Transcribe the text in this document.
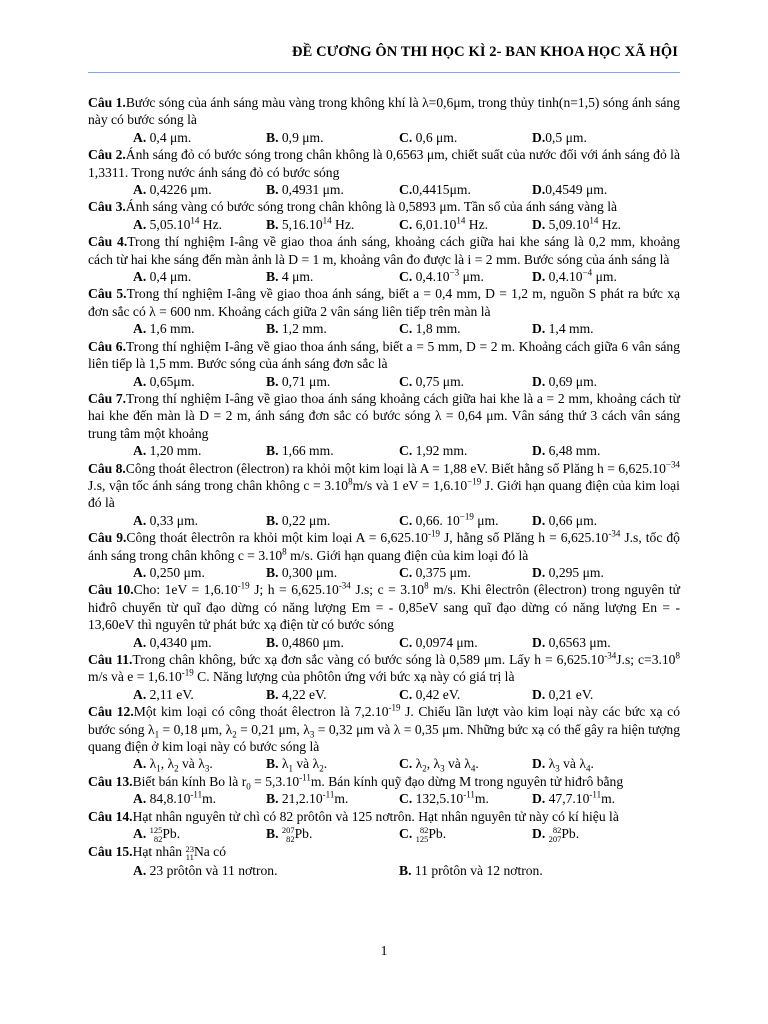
ĐỀ CƯƠNG ÔN THI HỌC KÌ 2- BAN KHOA HỌC XÃ HỘI
Câu 1.Bước sóng của ánh sáng màu vàng trong không khí là λ=0,6μm, trong thủy tinh(n=1,5) sóng ánh sáng này có bước sóng là
A. 0,4 μm.	B. 0,9 μm.	C. 0,6 μm.	D.0,5 μm.
Câu 2.Ánh sáng đỏ có bước sóng trong chân không là 0,6563 μm, chiết suất của nước đối với ánh sáng đỏ là 1,3311. Trong nước ánh sáng đỏ có bước sóng
A. 0,4226 μm.	B. 0,4931 μm.	C.0,4415μm.	D.0,4549 μm.
Câu 3.Ánh sáng vàng có bước sóng trong chân không là 0,5893 μm. Tần số của ánh sáng vàng là
A. 5,05.10$^{14}$ Hz.	B. 5,16.10$^{14}$ Hz.	C. 6,01.10$^{14}$ Hz.	D. 5,09.10$^{14}$ Hz.
Câu 4.Trong thí nghiệm I-âng về giao thoa ánh sáng, khoảng cách giữa hai khe sáng là 0,2 mm, khoảng cách từ hai khe sáng đến màn ảnh là D = 1 m, khoảng vân đo được là i = 2 mm. Bước sóng của ánh sáng là
A. 0,4 μm.	B. 4 μm.	C. $0,4.10^{-3}$ μm.	D. $0,4.10^{-4}$ μm.
Câu 5.Trong thí nghiệm I-âng về giao thoa ánh sáng, biết a = 0,4 mm, D = 1,2 m, nguồn S phát ra bức xạ đơn sắc có λ = 600 nm. Khoảng cách giữa 2 vân sáng liên tiếp trên màn là
A. 1,6 mm.	B. 1,2 mm.	C. 1,8 mm.	D. 1,4 mm.
Câu 6.Trong thí nghiệm I-âng về giao thoa ánh sáng, biết a = 5 mm, D = 2 m. Khoảng cách giữa 6 vân sáng liên tiếp là 1,5 mm. Bước sóng của ánh sáng đơn sắc là
A. 0,65μm.	B. 0,71 μm.	C. 0,75 μm.	D. 0,69 μm.
Câu 7.Trong thí nghiệm I-âng về giao thoa ánh sáng khoảng cách giữa hai khe là a = 2 mm, khoảng cách từ hai khe đến màn là D = 2 m, ánh sáng đơn sắc có bước sóng λ = 0,64 μm. Vân sáng thứ 3 cách vân sáng trung tâm một khoảng
A. 1,20 mm.	B. 1,66 mm.	C. 1,92 mm.	D. 6,48 mm.
Câu 8.Công thoát êlectron (êlectron) ra khỏi một kim loại là A = 1,88 eV. Biết hằng số Plăng $h = 6,625.10^{-34}$ J.s, vận tốc ánh sáng trong chân không $c = 3.10^8m/s$ và 1 eV = $1,6.10^{-19}$ J. Giới hạn quang điện của kim loại đó là
A. 0,33 μm.	B. 0,22 μm.	C. 0,66. $10^{-19}$ μm.	D. 0,66 μm.
Câu 9.Công thoát êlectrôn ra khỏi một kim loại $A = 6,625.10^{-19}$ J, hằng số Plăng $h = 6,625.10^{-34}$ J.s, tốc độ ánh sáng trong chân không $c = 3.10^8$ m/s. Giới hạn quang điện của kim loại đó là
A. 0,250 μm.	B. 0,300 μm.	C. 0,375 μm.	D. 0,295 μm.
Câu 10.Cho: $1eV = 1,6.10^{-19}$ J; $h = 6,625.10^{-34}$ J.s; $c = 3.10^8$ m/s. Khi êlectrôn (êlectron) trong nguyên tử hiđrô chuyển từ quĩ đạo dừng có năng lượng Em = - 0,85eV sang quĩ đạo dừng có năng lượng En = - 13,60eV thì nguyên tử phát bức xạ điện từ có bước sóng
A. 0,4340 μm.	B. 0,4860 μm.	C. 0,0974 μm.	D. 0,6563 μm.
Câu 11.Trong chân không, bức xạ đơn sắc vàng có bước sóng là 0,589 μm. Lấy $h = 6,625.10^{-34}J.s$; $c=3.10^8$ m/s và $e = 1,6.10^{-19}$ C. Năng lượng của phôtôn ứng với bức xạ này có giá trị là
A. 2,11 eV.	B. 4,22 eV.	C. 0,42 eV.	D. 0,21 eV.
Câu 12.Một kim loại có công thoát êlectron là $7,2.10^{-19}$ J. Chiếu lần lượt vào kim loại này các bức xạ có bước sóng $\lambda_1 = 0,18$ μm, $\lambda_2 = 0,21$ μm, $\lambda_3 = 0,32$ μm và λ = 0,35 μm. Những bức xạ có thể gây ra hiện tượng quang điện ở kim loại này có bước sóng là
A. $\lambda_1$, $\lambda_2$ và $\lambda_3$.	B. $\lambda_1$ và $\lambda_2$.	C. $\lambda_2$, $\lambda_3$ và $\lambda_4$.	D. $\lambda_3$ và $\lambda_4$.
Câu 13.Biết bán kính Bo là $r_0 = 5,3.10^{-11}m$. Bán kính quỹ đạo dừng M trong nguyên tử hiđrô bằng
A. $84,8.10^{-11}m$.	B. $21,2.10^{-11}m$.	C. $132,5.10^{-11}m$.	D. $47,7.10^{-11}m$.
Câu 14.Hạt nhân nguyên tử chì có 82 prôtôn và 125 nơtrôn. Hạt nhân nguyên tử này có kí hiệu là
A. 125
82 Pb.	B. 207
82 Pb.	C. 82
125 Pb.	D. 82
207 Pb.
Câu 15.Hạt nhân 23
11 Na có
A. 23 prôtôn và 11 nơtron.	B. 11 prôtôn và 12 nơtron.
1
